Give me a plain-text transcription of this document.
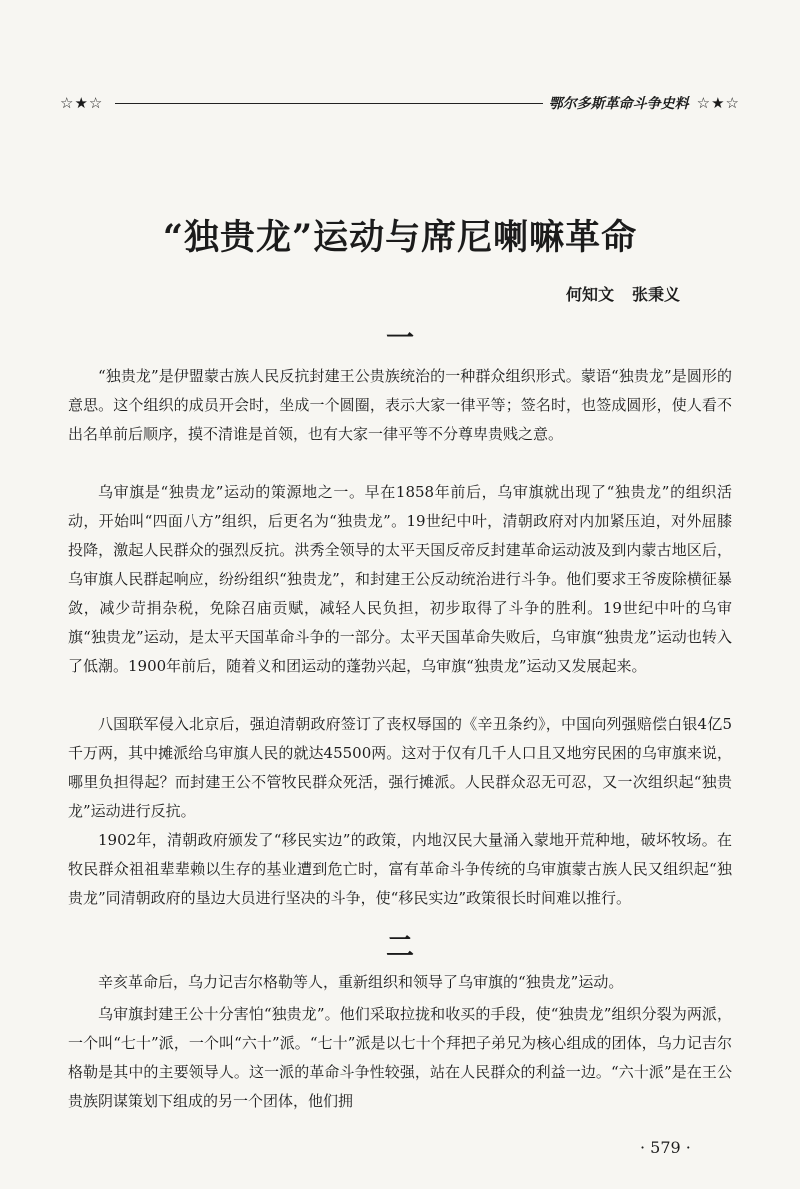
☆★☆	鄂尔多斯革命斗争史料 ☆★☆
“独贵龙”运动与席尼喇嘛革命
何知文 张秉义
一

“独贵龙”是伊盟蒙古族人民反抗封建王公贵族统治的一种群众组织形式。蒙语“独贵龙”是圆形的意思。这个组织的成员开会时，坐成一个圆圈，表示大家一律平等；签名时，也签成圆形，使人看不出名单前后顺序，摸不清谁是首领，也有大家一律平等不分尊卑贵贱之意。

乌审旗是“独贵龙”运动的策源地之一。早在1858年前后，乌审旗就出现了“独贵龙”的组织活动，开始叫“四面八方”组织，后更名为“独贵龙”。19世纪中叶，清朝政府对内加紧压迫，对外屈膝投降，激起人民群众的强烈反抗。洪秀全领导的太平天国反帝反封建革命运动波及到内蒙古地区后，乌审旗人民群起响应，纷纷组织“独贵龙”，和封建王公反动统治进行斗争。他们要求王爷废除横征暴敛，减少苛捐杂税，免除召庙贡赋，减轻人民负担，初步取得了斗争的胜利。19世纪中叶的乌审旗“独贵龙”运动，是太平天国革命斗争的一部分。太平天国革命失败后，乌审旗“独贵龙”运动也转入了低潮。1900年前后，随着义和团运动的蓬勃兴起，乌审旗“独贵龙”运动又发展起来。

八国联军侵入北京后，强迫清朝政府签订了丧权辱国的《辛丑条约》，中国向列强赔偿白银4亿5千万两，其中摊派给乌审旗人民的就达45500两。这对于仅有几千人口且又地穷民困的乌审旗来说，哪里负担得起？而封建王公不管牧民群众死活，强行摊派。人民群众忍无可忍，又一次组织起“独贵龙”运动进行反抗。

1902年，清朝政府颁发了“移民实边”的政策，内地汉民大量涌入蒙地开荒种地，破坏牧场。在牧民群众祖祖辈辈赖以生存的基业遭到危亡时，富有革命斗争传统的乌审旗蒙古族人民又组织起“独贵龙”同清朝政府的垦边大员进行坚决的斗争，使“移民实边”政策很长时间难以推行。

二

辛亥革命后，乌力记吉尔格勒等人，重新组织和领导了乌审旗的“独贵龙”运动。

乌审旗封建王公十分害怕“独贵龙”。他们采取拉拢和收买的手段，使“独贵龙”组织分裂为两派，一个叫“七十”派，一个叫“六十”派。“七十”派是以七十个拜把子弟兄为核心组成的团体，乌力记吉尔格勒是其中的主要领导人。这一派的革命斗争性较强，站在人民群众的利益一边。“六十派”是在王公贵族阴谋策划下组成的另一个团体，他们拥

· 579 ·
